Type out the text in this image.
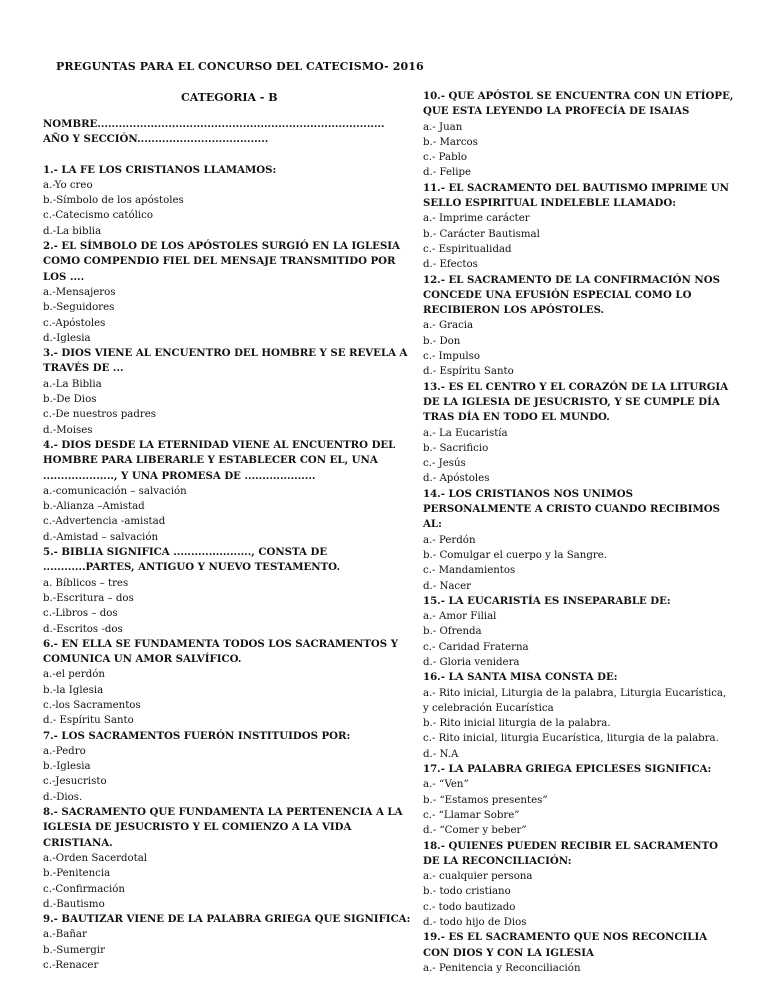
PREGUNTAS PARA EL CONCURSO DEL CATECISMO- 2016
CATEGORIA - B
NOMBRE.................................................................................
AÑO Y SECCIÓN.....................................
1.- LA FE LOS CRISTIANOS LLAMAMOS:
a.-Yo creo
b.-Símbolo de los apóstoles
c.-Catecismo católico
d.-La biblia
2.- EL SÍMBOLO DE LOS APÓSTOLES SURGIÓ EN LA IGLESIA COMO COMPENDIO FIEL DEL MENSAJE TRANSMITIDO POR LOS ....
a.-Mensajeros
b.-Seguidores
c.-Apóstoles
d.-Iglesia
3.- DIOS VIENE AL ENCUENTRO DEL HOMBRE Y SE REVELA A TRAVÉS DE ...
a.-La Biblia
b.-De Dios
c.-De nuestros padres
d.-Moises
4.- DIOS DESDE LA ETERNIDAD VIENE AL ENCUENTRO DEL HOMBRE PARA LIBERARLE Y ESTABLECER CON EL, UNA ...................., Y UNA PROMESA DE ....................
a.-comunicación – salvación
b.-Alianza –Amistad
c.-Advertencia -amistad
d.-Amistad – salvación
5.- BIBLIA SIGNIFICA ......................, CONSTA DE ............PARTES, ANTIGUO Y NUEVO TESTAMENTO.
a. Bíblicos – tres
b.-Escritura – dos
c.-Libros – dos
d.-Escritos -dos
6.- EN ELLA SE FUNDAMENTA TODOS LOS SACRAMENTOS Y COMUNICA UN AMOR SALVÍFICO.
a.-el perdón
b.-la Iglesia
c.-los Sacramentos
d.- Espíritu Santo
7.- LOS SACRAMENTOS FUERÓN INSTITUIDOS POR:
a.-Pedro
b.-Iglesia
c.-Jesucristo
d.-Dios.
8.- SACRAMENTO QUE FUNDAMENTA LA PERTENENCIA A LA IGLESIA DE JESUCRISTO Y EL COMIENZO A LA VIDA CRISTIANA.
a.-Orden Sacerdotal
b.-Penitencia
c.-Confirmación
d.-Bautismo
9.- BAUTIZAR VIENE DE LA PALABRA GRIEGA QUE SIGNIFICA:
a.-Bañar
b.-Sumergir
c.-Renacer
10.- QUE APÓSTOL SE ENCUENTRA CON UN ETÍOPE, QUE ESTA LEYENDO LA PROFECÍA DE ISAIAS
a.- Juan
b.- Marcos
c.- Pablo
d.- Felipe
11.- EL SACRAMENTO DEL BAUTISMO IMPRIME UN SELLO ESPIRITUAL INDELEBLE LLAMADO:
a.- Imprime carácter
b.- Carácter Bautismal
c.- Espiritualidad
d.- Efectos
12.- EL SACRAMENTO DE LA CONFIRMACIÓN NOS CONCEDE UNA EFUSIÓN ESPECIAL COMO LO RECIBIERON LOS APÓSTOLES.
a.- Gracia
b.- Don
c.- Impulso
d.- Espíritu Santo
13.- ES EL CENTRO Y EL CORAZÓN DE LA LITURGIA DE LA IGLESIA DE JESUCRISTO, Y SE CUMPLE DÍA TRAS DÍA EN TODO EL MUNDO.
a.- La Eucaristía
b.- Sacrificio
c.- Jesús
d.- Apóstoles
14.- LOS CRISTIANOS NOS UNIMOS PERSONALMENTE A CRISTO CUANDO RECIBIMOS AL:
a.- Perdón
b.- Comulgar el cuerpo y la Sangre.
c.- Mandamientos
d.- Nacer
15.- LA EUCARISTÍA ES INSEPARABLE DE:
a.- Amor Filial
b.- Ofrenda
c.- Caridad Fraterna
d.- Gloria venidera
16.- LA SANTA MISA CONSTA DE:
a.- Rito inicial, Liturgia de la palabra, Liturgia Eucarística, y celebración Eucarística
b.- Rito inicial liturgia de la palabra.
c.- Rito inicial, liturgia Eucarística, liturgia de la palabra.
d.- N.A
17.- LA PALABRA GRIEGA EPICLESES SIGNIFICA:
a.- “Ven”
b.- “Estamos presentes”
c.- “Llamar Sobre”
d.- “Comer y beber”
18.- QUIENES PUEDEN RECIBIR EL SACRAMENTO DE LA RECONCILIACIÓN:
a.- cualquier persona
b.- todo cristiano
c.- todo bautizado
d.- todo hijo de Dios
19.- ES EL SACRAMENTO QUE NOS RECONCILIA CON DIOS Y CON LA IGLESIA
a.- Penitencia y Reconciliación
